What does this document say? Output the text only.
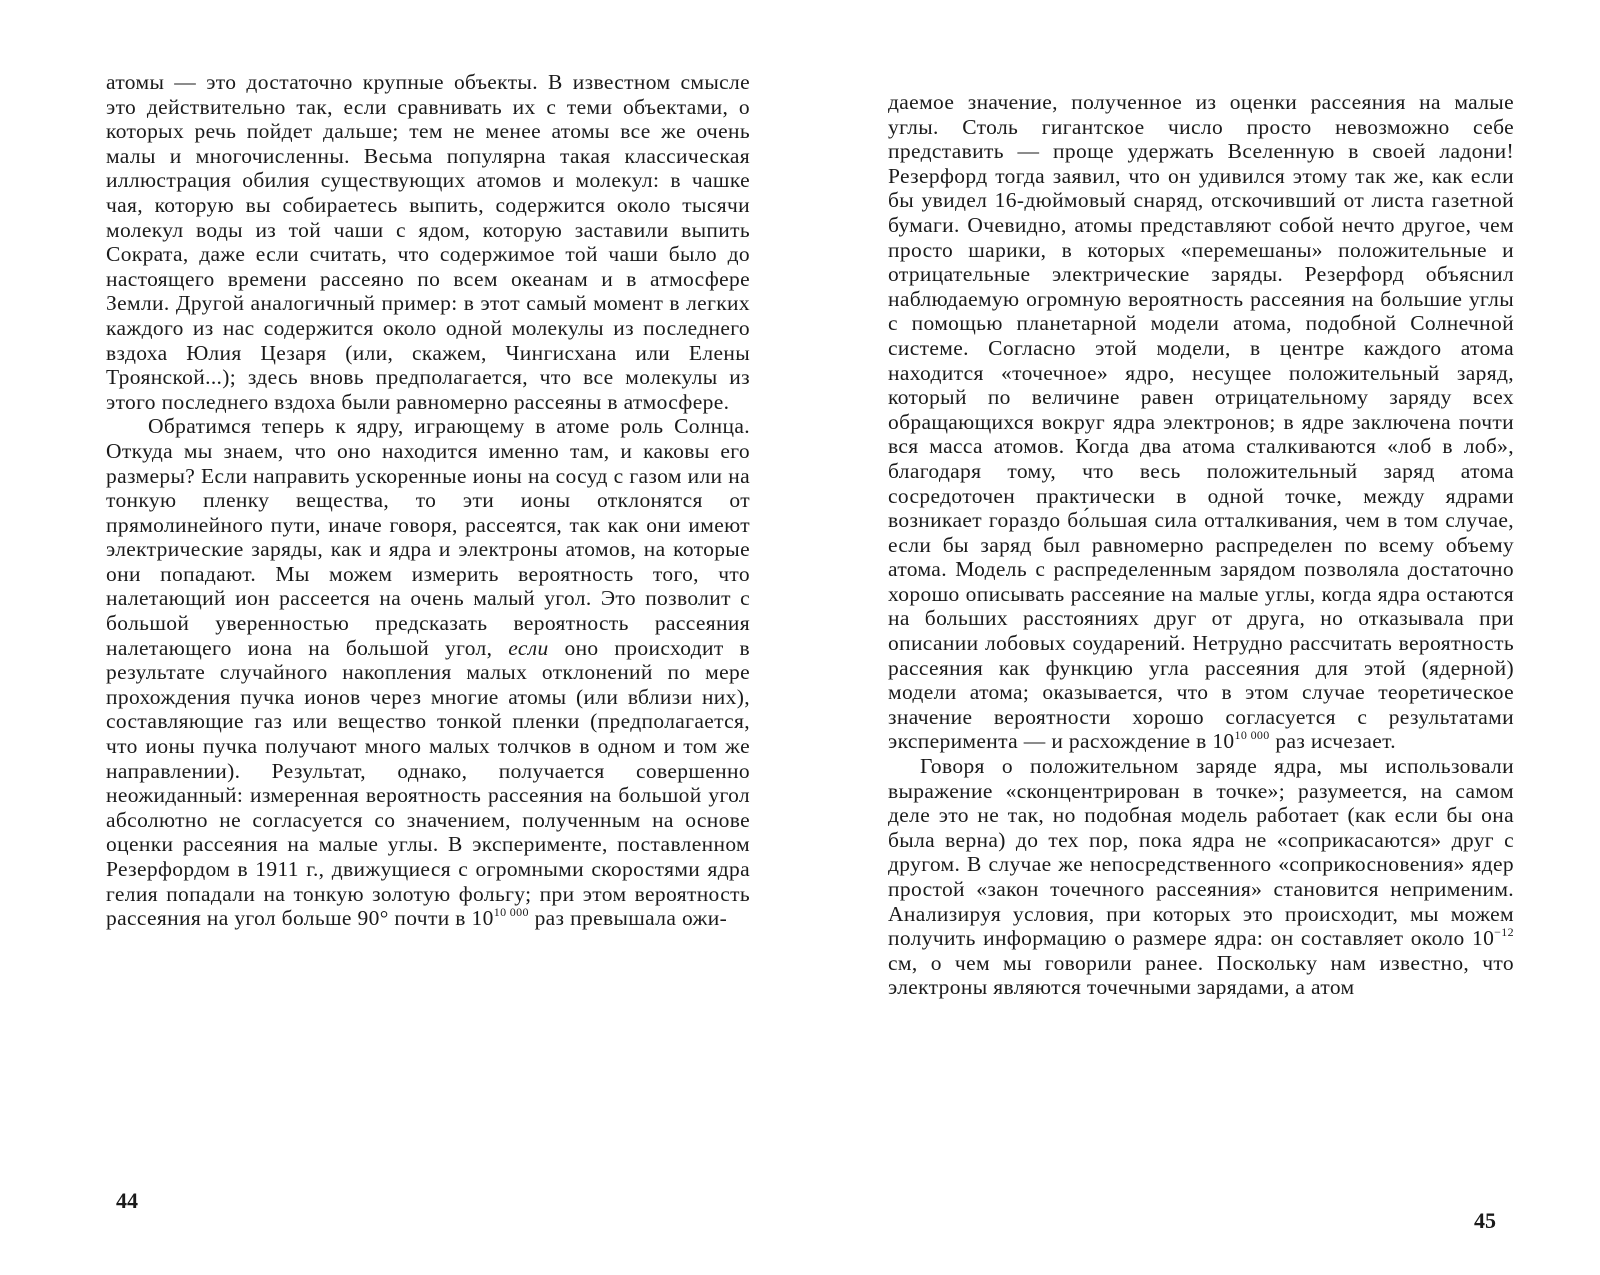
атомы — это достаточно крупные объекты. В известном смысле это действительно так, если сравнивать их с теми объектами, о которых речь пойдет дальше; тем не менее атомы все же очень малы и многочисленны. Весьма популярна такая классическая иллюстрация обилия существующих атомов и молекул: в чашке чая, которую вы собираетесь выпить, содержится около тысячи молекул воды из той чаши с ядом, которую заставили выпить Сократа, даже если считать, что содержимое той чаши было до настоящего времени рассеяно по всем океанам и в атмосфере Земли. Другой аналогичный пример: в этот самый момент в легких каждого из нас содержится около одной молекулы из последнего вздоха Юлия Цезаря (или, скажем, Чингисхана или Елены Троянской...); здесь вновь предполагается, что все молекулы из этого последнего вздоха были равномерно рассеяны в атмосфере.

Обратимся теперь к ядру, играющему в атоме роль Солнца. Откуда мы знаем, что оно находится именно там, и каковы его размеры? Если направить ускоренные ионы на сосуд с газом или на тонкую пленку вещества, то эти ионы отклонятся от прямолинейного пути, иначе говоря, рассеятся, так как они имеют электрические заряды, как и ядра и электроны атомов, на которые они попадают. Мы можем измерить вероятность того, что налетающий ион рассеется на очень малый угол. Это позволит с большой уверенностью предсказать вероятность рассеяния налетающего иона на большой угол, если оно происходит в результате случайного накопления малых отклонений по мере прохождения пучка ионов через многие атомы (или вблизи них), составляющие газ или вещество тонкой пленки (предполагается, что ионы пучка получают много малых толчков в одном и том же направлении). Результат, однако, получается совершенно неожиданный: измеренная вероятность рассеяния на большой угол абсолютно не согласуется со значением, полученным на основе оценки рассеяния на малые углы. В эксперименте, поставленном Резерфордом в 1911 г., движущиеся с огромными скоростями ядра гелия попадали на тонкую золотую фольгу; при этом вероятность рассеяния на угол больше 90° почти в $10^{10 000}$ раз превышала ожи-

44

даемое значение, полученное из оценки рассеяния на малые углы. Столь гигантское число просто невозможно себе представить — проще удержать Вселенную в своей ладони! Резерфорд тогда заявил, что он удивился этому так же, как если бы увидел 16-дюймовый снаряд, отскочивший от листа газетной бумаги. Очевидно, атомы представляют собой нечто другое, чем просто шарики, в которых «перемешаны» положительные и отрицательные электрические заряды. Резерфорд объяснил наблюдаемую огромную вероятность рассеяния на большие углы с помощью планетарной модели атома, подобной Солнечной системе. Согласно этой модели, в центре каждого атома находится «точечное» ядро, несущее положительный заряд, который по величине равен отрицательному заряду всех обращающихся вокруг ядра электронов; в ядре заключена почти вся масса атомов. Когда два атома сталкиваются «лоб в лоб», благодаря тому, что весь положительный заряд атома сосредоточен практически в одной точке, между ядрами возникает гораздо бо́льшая сила отталкивания, чем в том случае, если бы заряд был равномерно распределен по всему объему атома. Модель с распределенным зарядом позволяла достаточно хорошо описывать рассеяние на малые углы, когда ядра остаются на больших расстояниях друг от друга, но отказывала при описании лобовых соударений. Нетрудно рассчитать вероятность рассеяния как функцию угла рассеяния для этой (ядерной) модели атома; оказывается, что в этом случае теоретическое значение вероятности хорошо согласуется с результатами эксперимента — и расхождение в $10^{10 000}$ раз исчезает.

Говоря о положительном заряде ядра, мы использовали выражение «сконцентрирован в точке»; разумеется, на самом деле это не так, но подобная модель работает (как если бы она была верна) до тех пор, пока ядра не «соприкасаются» друг с другом. В случае же непосредственного «соприкосновения» ядер простой «закон точечного рассеяния» становится неприменим. Анализируя условия, при которых это происходит, мы можем получить информацию о размере ядра: он составляет около $10^{-12}$ см, о чем мы говорили ранее. Поскольку нам известно, что электроны являются точечными зарядами, а атом

45
